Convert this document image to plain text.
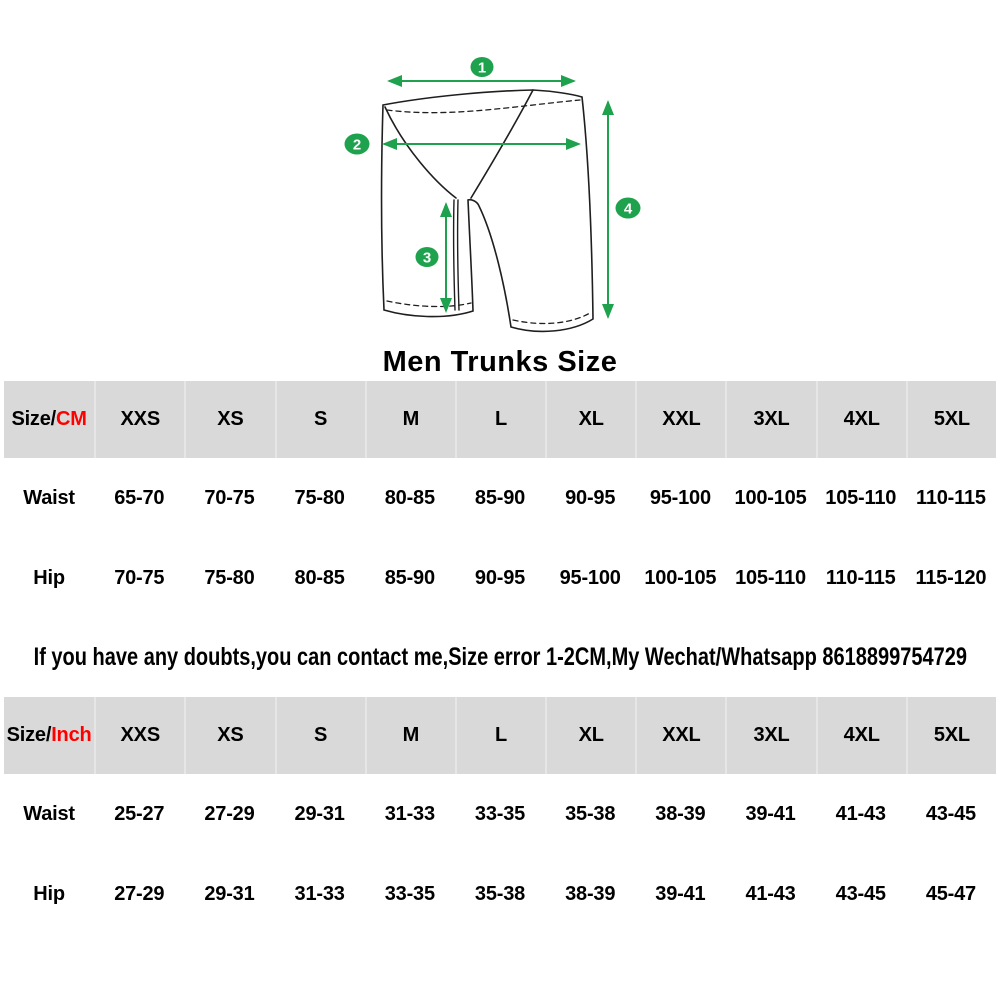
1
2
3
4
Men Trunks Size
Size/ CM	XXS	XS	S	M	L	XL	XXL	3XL	4XL	5XL
Waist	65-70	70-75	75-80	80-85	85-90	90-95	95-100	100-105 105-110 110-115
Hip	70-75	75-80	80-85	85-90	90-95	95-100	100-105 105-110 110-115 115-120
If you have any doubts,you can contact me,Size error 1-2CM,My Wechat/Whatsapp 8618899754729
Size/ Inch	XXS	XS	S	M	L	XL	XXL	3XL	4XL	5XL
Waist	25-27	27-29	29-31	31-33	33-35	35-38	38-39	39-41	41-43	43-45
Hip	27-29	29-31	31-33	33-35	35-38	38-39	39-41	41-43	43-45	45-47
